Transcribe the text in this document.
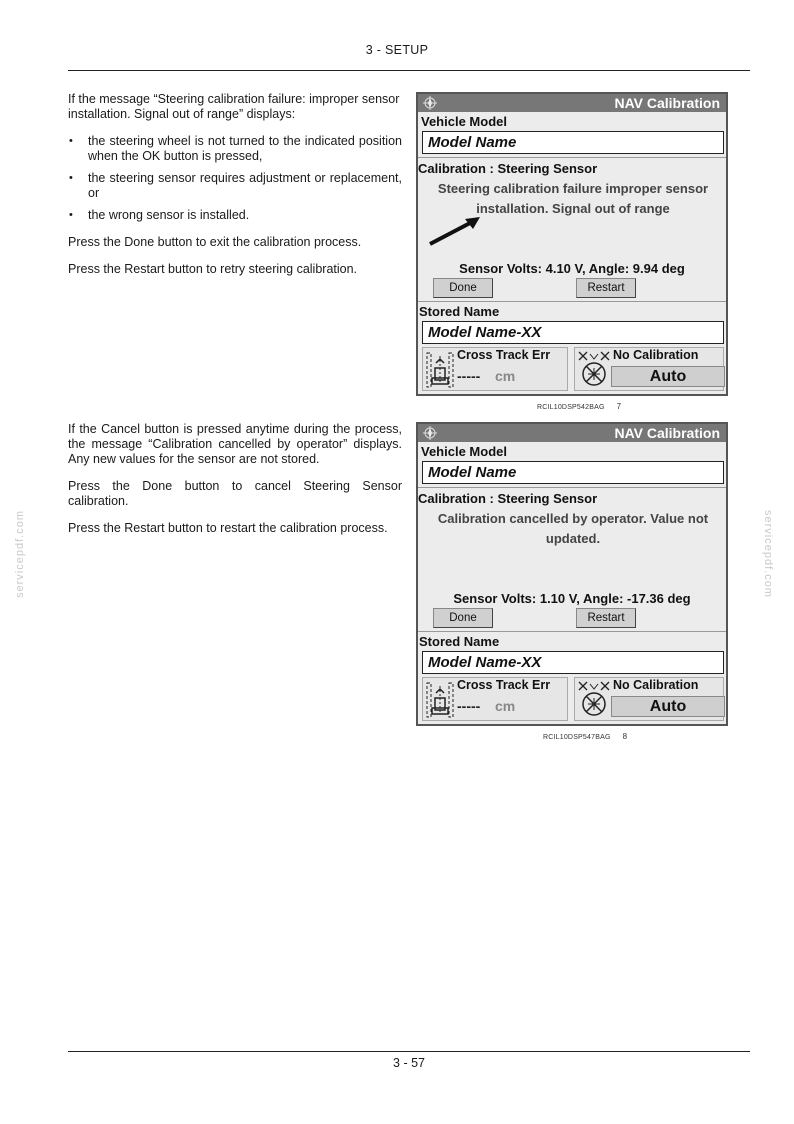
3 - SETUP
servicepdf.com	servicepdf.com
3 - 57

If the message “Steering calibration failure: improper sensor installation. Signal out of range” displays:

• the steering wheel is not turned to the indicated position when the OK button is pressed,
• the steering sensor requires adjustment or replacement, or
• the wrong sensor is installed.

Press the Done button to exit the calibration process.

Press the Restart button to retry steering calibration.

If the Cancel button is pressed anytime during the process, the message “Calibration cancelled by operator” displays. Any new values for the sensor are not stored.

Press the Done button to cancel Steering Sensor calibration.

Press the Restart button to restart the calibration process.

NAV Calibration
Vehicle Model
Model Name
Calibration : Steering Sensor
Steering calibration failure improper sensor installation. Signal out of range
Sensor Volts: 4.10 V, Angle: 9.94 deg
Done	Restart
Stored Name
Model Name-XX
Cross Track Err
----- cm
No Calibration
Auto
RCIL10DSP542BAG 7
NAV Calibration
Vehicle Model
Model Name
Calibration : Steering Sensor
Calibration cancelled by operator. Value not updated.
Sensor Volts: 1.10 V, Angle: -17.36 deg
Done	Restart
Stored Name
Model Name-XX
Cross Track Err
----- cm
No Calibration
Auto
RCIL10DSP547BAG 8
